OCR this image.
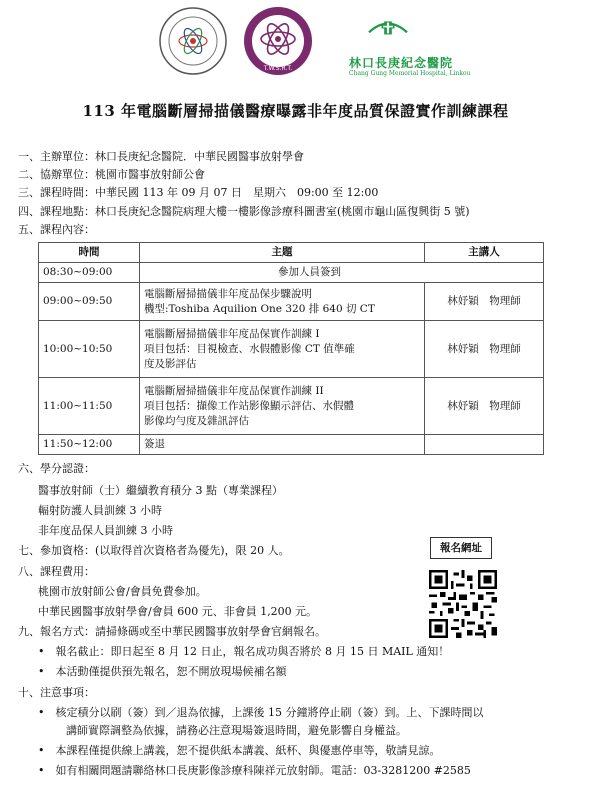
T.W.S.R.T.	林口長庚紀念醫院
Chang Gung Memorial Hospital, Linkou
113 年電腦斷層掃描儀醫療曝露非年度品質保證實作訓練課程
一、主辦單位：林口長庚紀念醫院．中華民國醫事放射學會
二、協辦單位：桃園市醫事放射師公會
三、課程時間：中華民國 113 年 09 月 07 日　星期六　09:00 至 12:00
四、課程地點：林口長庚紀念醫院病理大樓一樓影像診療科圖書室(桃園市龜山區復興街 5 號)
五、課程內容：
時間	主題	主講人
08:30~09:00	參加人員簽到	
09:00~09:50	電腦斷層掃描儀非年度品保步驟說明
機型:Toshiba Aquilion One 320 排 640 切 CT	林妤穎　物理師
10:00~10:50	電腦斷層掃描儀非年度品保實作訓練 I
項目包括：目視檢查、水假體影像 CT 值準確
度及影評估	林妤穎　物理師
11:00~11:50	電腦斷層掃描儀非年度品保實作訓練 II
項目包括：擷像工作站影像顯示評估、水假體
影像均勻度及雜訊評估	林妤穎　物理師
11:50~12:00	簽退	
六、學分認證：
醫事放射師（士）繼續教育積分 3 點（專業課程）
輻射防護人員訓練 3 小時
非年度品保人員訓練 3 小時
七、參加資格：(以取得首次資格者為優先)，限 20 人。
八、課程費用：
桃園市放射師公會/會員免費參加。
中華民國醫事放射學會/會員 600 元、非會員 1,200 元。
九、報名方式：請掃條碼或至中華民國醫事放射學會官網報名。
•　報名截止：即日起至 8 月 12 日止，報名成功與否將於 8 月 15 日 MAIL 通知！
•　本活動僅提供預先報名，恕不開放現場候補名額
十、注意事項：
•　核定積分以刷（簽）到／退為依據，上課後 15 分鐘將停止刷（簽）到。上、下課時間以
講師實際調整為依據，請務必注意現場簽退時間，避免影響自身權益。
•　本課程僅提供線上講義，恕不提供紙本講義、紙杯、與優惠停車等，敬請見諒。
•　如有相關問題請聯絡林口長庚影像診療科陳祥元放射師。電話：03-3281200 #2585
報名網址
